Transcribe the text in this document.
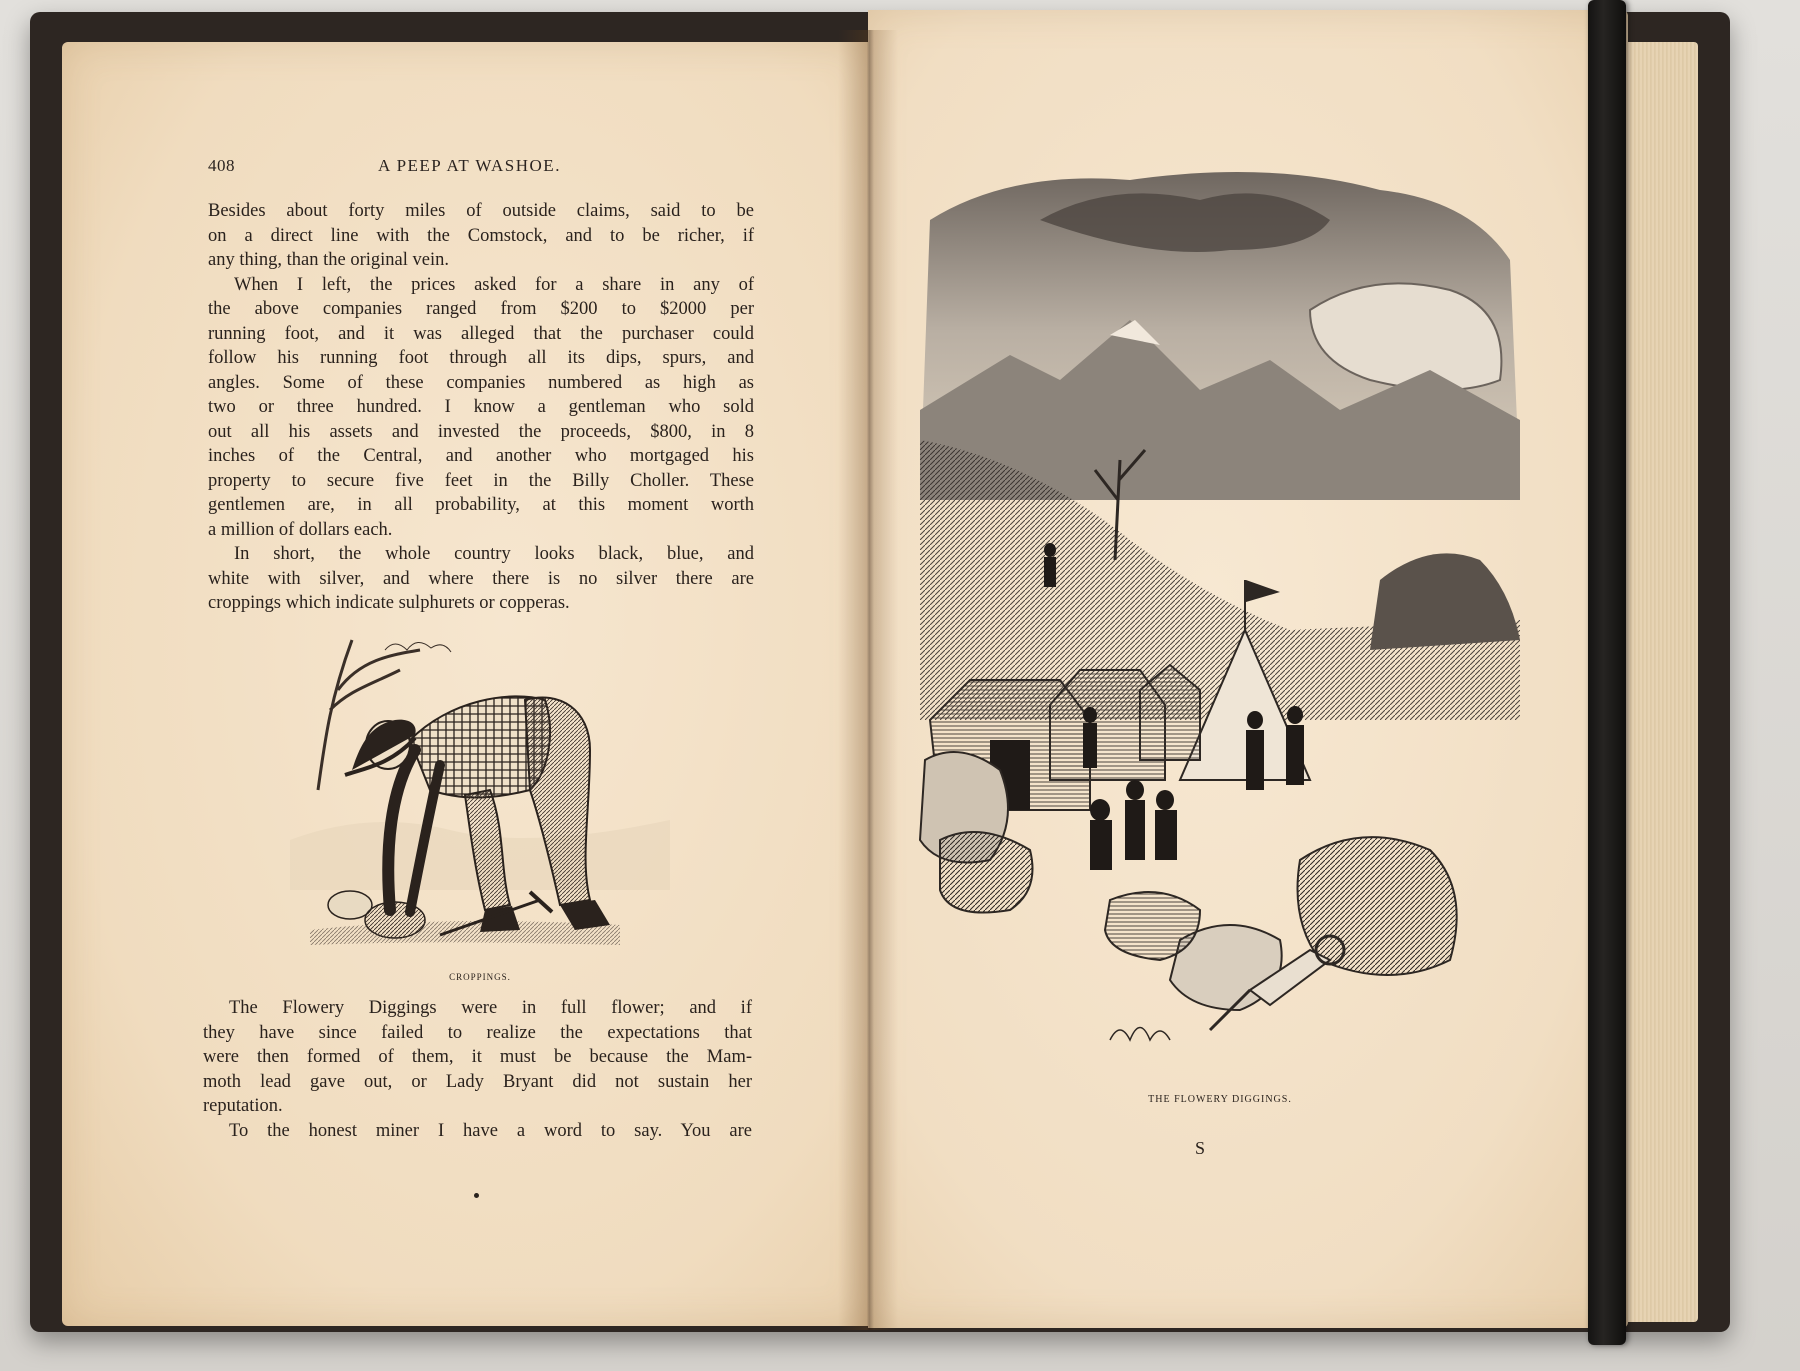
408	A PEEP AT WASHOE.
Besides about forty miles of outside claims, said to be
on a direct line with the Comstock, and to be richer, if
any thing, than the original vein.
When I left, the prices asked for a share in any of
the above companies ranged from $200 to $2000 per
running foot, and it was alleged that the purchaser could
follow his running foot through all its dips, spurs, and
angles. Some of these companies numbered as high as
two or three hundred. I know a gentleman who sold
out all his assets and invested the proceeds, $800, in 8
inches of the Central, and another who mortgaged his
property to secure five feet in the Billy Choller. These
gentlemen are, in all probability, at this moment worth
a million of dollars each.
In short, the whole country looks black, blue, and
white with silver, and where there is no silver there are
croppings which indicate sulphurets or copperas.
CROPPINGS.
The Flowery Diggings were in full flower; and if
they have since failed to realize the expectations that
were then formed of them, it must be because the Mam-
moth lead gave out, or Lady Bryant did not sustain her
reputation.
To the honest miner I have a word to say. You are
THE FLOWERY DIGGINGS.
S
